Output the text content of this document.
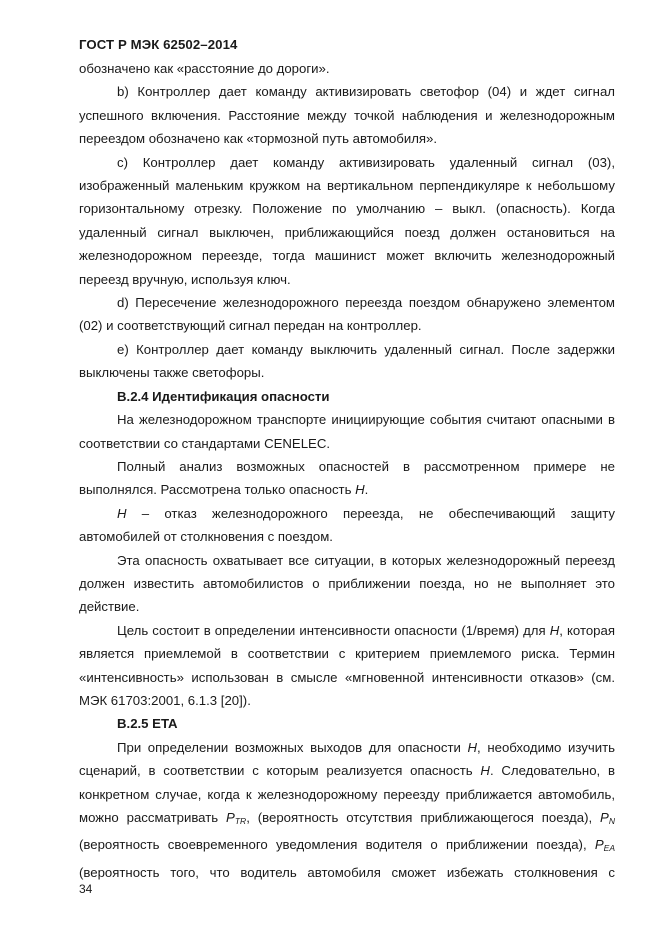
ГОСТ Р МЭК 62502–2014

обозначено как «расстояние до дороги».

b) Контроллер дает команду активизировать светофор (04) и ждет сигнал успешного включения. Расстояние между точкой наблюдения и железнодорожным переездом обозначено как «тормозной путь автомобиля».

c) Контроллер дает команду активизировать удаленный сигнал (03), изображенный маленьким кружком на вертикальном перпендикуляре к небольшому горизонтальному отрезку. Положение по умолчанию – выкл. (опасность). Когда удаленный сигнал выключен, приближающийся поезд должен остановиться на железнодорожном переезде, тогда машинист может включить железнодорожный переезд вручную, используя ключ.

d) Пересечение железнодорожного переезда поездом обнаружено элементом (02) и соответствующий сигнал передан на контроллер.

e) Контроллер дает команду выключить удаленный сигнал. После задержки выключены также светофоры.

B.2.4 Идентификация опасности

На железнодорожном транспорте инициирующие события считают опасными в соответствии со стандартами CENELEC.

Полный анализ возможных опасностей в рассмотренном примере не выполнялся. Рассмотрена только опасность H.

H – отказ железнодорожного переезда, не обеспечивающий защиту автомобилей от столкновения с поездом.

Эта опасность охватывает все ситуации, в которых железнодорожный переезд должен известить автомобилистов о приближении поезда, но не выполняет это действие.

Цель состоит в определении интенсивности опасности (1/время) для H, которая является приемлемой в соответствии с критерием приемлемого риска. Термин «интенсивность» использован в смысле «мгновенной интенсивности отказов» (см. МЭК 61703:2001, 6.1.3 [20]).

B.2.5 ETA

При определении возможных выходов для опасности H, необходимо изучить сценарий, в соответствии с которым реализуется опасность H. Следовательно, в конкретном случае, когда к железнодорожному переезду приближается автомобиль, можно рассматривать $P_{TR}$, (вероятность отсутствия приближающегося поезда), $P_N$ (вероятность своевременного уведомления водителя о приближении поезда), $P_{EA}$ (вероятность того, что водитель автомобиля сможет избежать столкновения с

34
